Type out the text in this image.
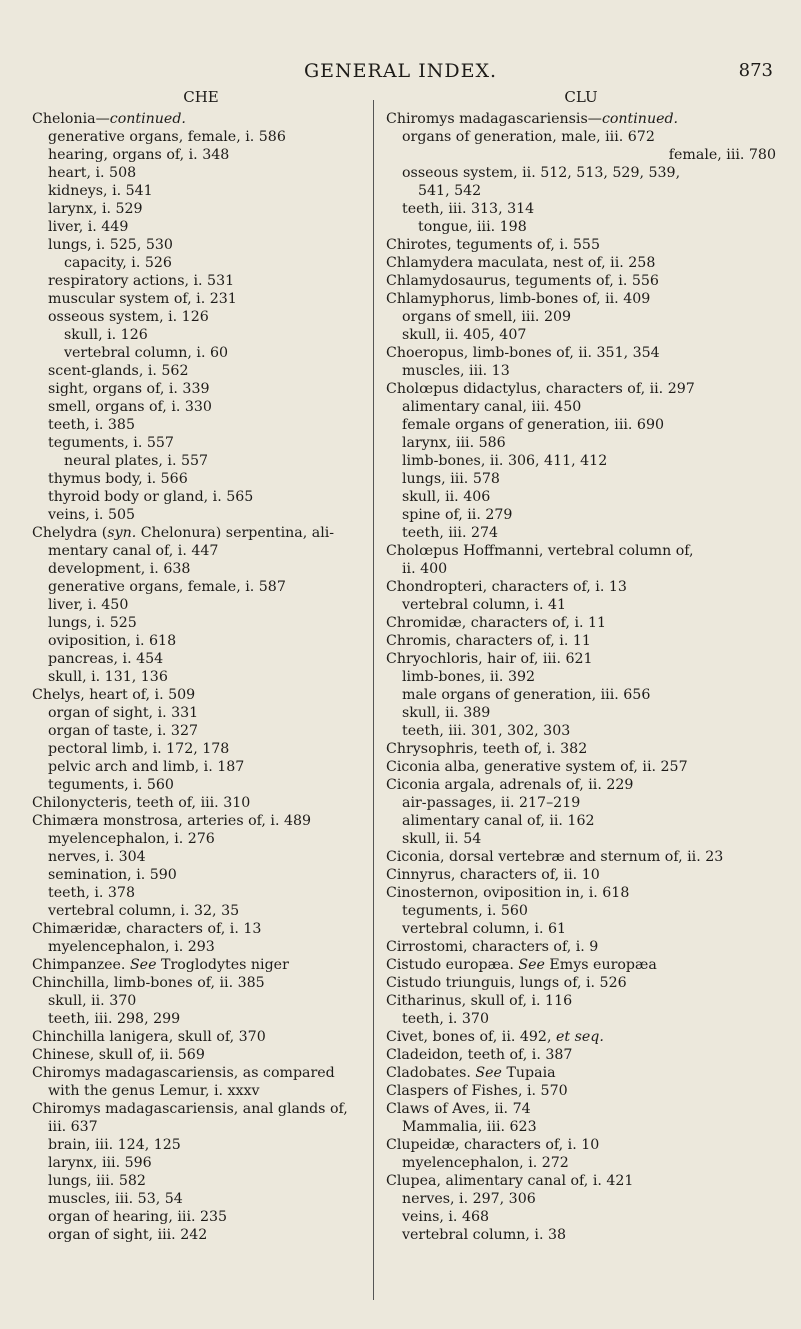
GENERAL INDEX.	873
CHE
Chelonia—continued.
generative organs, female, i. 586
hearing, organs of, i. 348
heart, i. 508
kidneys, i. 541
larynx, i. 529
liver, i. 449
lungs, i. 525, 530
capacity, i. 526
respiratory actions, i. 531
muscular system of, i. 231
osseous system, i. 126
skull, i. 126
vertebral column, i. 60
scent-glands, i. 562
sight, organs of, i. 339
smell, organs of, i. 330
teeth, i. 385
teguments, i. 557
neural plates, i. 557
thymus body, i. 566
thyroid body or gland, i. 565
veins, i. 505
Chelydra (syn. Chelonura) serpentina, ali-
mentary canal of, i. 447
development, i. 638
generative organs, female, i. 587
liver, i. 450
lungs, i. 525
oviposition, i. 618
pancreas, i. 454
skull, i. 131, 136
Chelys, heart of, i. 509
organ of sight, i. 331
organ of taste, i. 327
pectoral limb, i. 172, 178
pelvic arch and limb, i. 187
teguments, i. 560
Chilonycteris, teeth of, iii. 310
Chimæra monstrosa, arteries of, i. 489
myelencephalon, i. 276
nerves, i. 304
semination, i. 590
teeth, i. 378
vertebral column, i. 32, 35
Chimæridæ, characters of, i. 13
myelencephalon, i. 293
Chimpanzee. See Troglodytes niger
Chinchilla, limb-bones of, ii. 385
skull, ii. 370
teeth, iii. 298, 299
Chinchilla lanigera, skull of, 370
Chinese, skull of, ii. 569
Chiromys madagascariensis, as compared
with the genus Lemur, i. xxxv
Chiromys madagascariensis, anal glands of,
iii. 637
brain, iii. 124, 125
larynx, iii. 596
lungs, iii. 582
muscles, iii. 53, 54
organ of hearing, iii. 235
organ of sight, iii. 242
CLU
Chiromys madagascariensis—continued.
organs of generation, male, iii. 672
female, iii. 780
osseous system, ii. 512, 513, 529, 539,
541, 542
teeth, iii. 313, 314
tongue, iii. 198
Chirotes, teguments of, i. 555
Chlamydera maculata, nest of, ii. 258
Chlamydosaurus, teguments of, i. 556
Chlamyphorus, limb-bones of, ii. 409
organs of smell, iii. 209
skull, ii. 405, 407
Choeropus, limb-bones of, ii. 351, 354
muscles, iii. 13
Cholœpus didactylus, characters of, ii. 297
alimentary canal, iii. 450
female organs of generation, iii. 690
larynx, iii. 586
limb-bones, ii. 306, 411, 412
lungs, iii. 578
skull, ii. 406
spine of, ii. 279
teeth, iii. 274
Cholœpus Hoffmanni, vertebral column of,
ii. 400
Chondropteri, characters of, i. 13
vertebral column, i. 41
Chromidæ, characters of, i. 11
Chromis, characters of, i. 11
Chryochloris, hair of, iii. 621
limb-bones, ii. 392
male organs of generation, iii. 656
skull, ii. 389
teeth, iii. 301, 302, 303
Chrysophris, teeth of, i. 382
Ciconia alba, generative system of, ii. 257
Ciconia argala, adrenals of, ii. 229
air-passages, ii. 217–219
alimentary canal of, ii. 162
skull, ii. 54
Ciconia, dorsal vertebræ and sternum of, ii. 23
Cinnyrus, characters of, ii. 10
Cinosternon, oviposition in, i. 618
teguments, i. 560
vertebral column, i. 61
Cirrostomi, characters of, i. 9
Cistudo europæa. See Emys europæa
Cistudo triunguis, lungs of, i. 526
Citharinus, skull of, i. 116
teeth, i. 370
Civet, bones of, ii. 492, et seq.
Cladeidon, teeth of, i. 387
Cladobates. See Tupaia
Claspers of Fishes, i. 570
Claws of Aves, ii. 74
Mammalia, iii. 623
Clupeidæ, characters of, i. 10
myelencephalon, i. 272
Clupea, alimentary canal of, i. 421
nerves, i. 297, 306
veins, i. 468
vertebral column, i. 38
